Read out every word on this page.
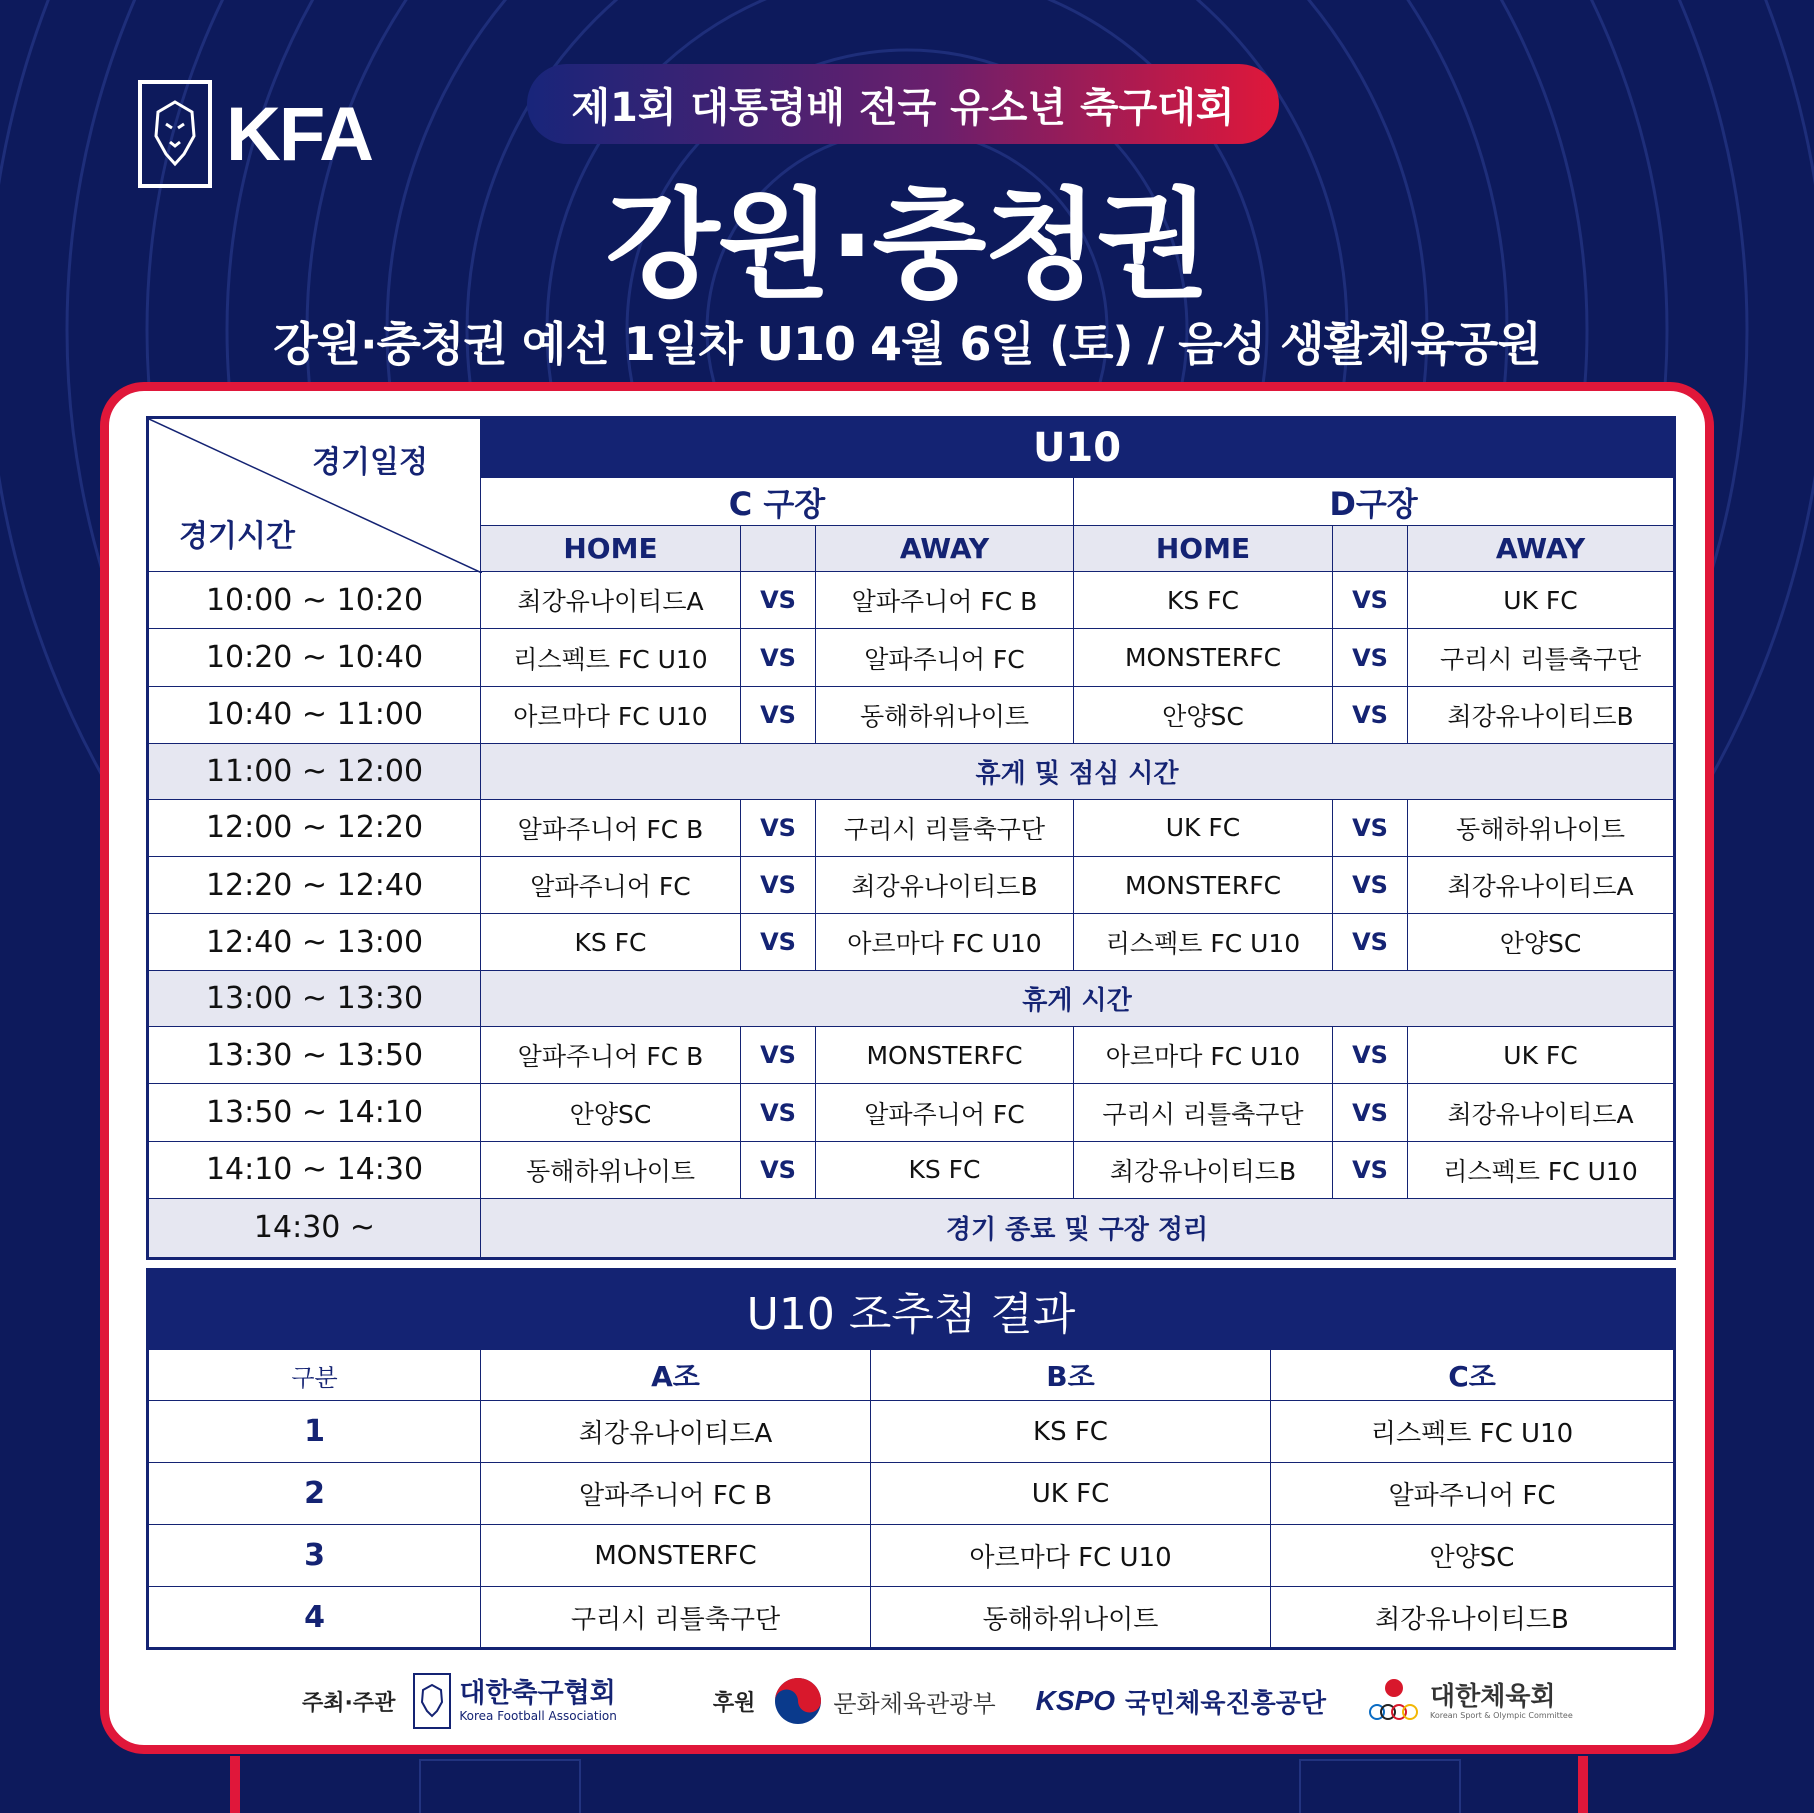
KFA	제1회 대통령배 전국 유소년 축구대회
강원·충청권
강원·충청권 예선 1일차 U10 4월 6일 (토) / 음성 생활체육공원
경기일정
경기시간	U10					
	C 구장			D구장		
	HOME		AWAY	HOME		AWAY
10:00 ~ 10:20	최강유나이티드A	VS	알파주니어 FC B	KS FC	VS	UK FC
10:20 ~ 10:40	리스펙트 FC U10	VS	알파주니어 FC	MONSTERFC	VS	구리시 리틀축구단
10:40 ~ 11:00	아르마다 FC U10	VS	동해하위나이트	안양SC	VS	최강유나이티드B
11:00 ~ 12:00	휴게 및 점심 시간					
12:00 ~ 12:20	알파주니어 FC B	VS	구리시 리틀축구단	UK FC	VS	동해하위나이트
12:20 ~ 12:40	알파주니어 FC	VS	최강유나이티드B	MONSTERFC	VS	최강유나이티드A
12:40 ~ 13:00	KS FC	VS	아르마다 FC U10	리스펙트 FC U10	VS	안양SC
13:00 ~ 13:30	휴게 시간					
13:30 ~ 13:50	알파주니어 FC B	VS	MONSTERFC	아르마다 FC U10	VS	UK FC
13:50 ~ 14:10	안양SC	VS	알파주니어 FC	구리시 리틀축구단	VS	최강유나이티드A
14:10 ~ 14:30	동해하위나이트	VS	KS FC	최강유나이티드B	VS	리스펙트 FC U10
14:30 ~	경기 종료 및 구장 정리					
U10 조추첨 결과			
구분	A조	B조	C조
1	최강유나이티드A	KS FC	리스펙트 FC U10
2	알파주니어 FC B	UK FC	알파주니어 FC
3	MONSTERFC	아르마다 FC U10	안양SC
4	구리시 리틀축구단	동해하위나이트	최강유나이티드B
주최·주관 대한축구협회
Korea Football Association
후원	문화체육관광부 KSPO 국민체육진흥공단	대한체육회
Korean Sport & Olympic Committee
